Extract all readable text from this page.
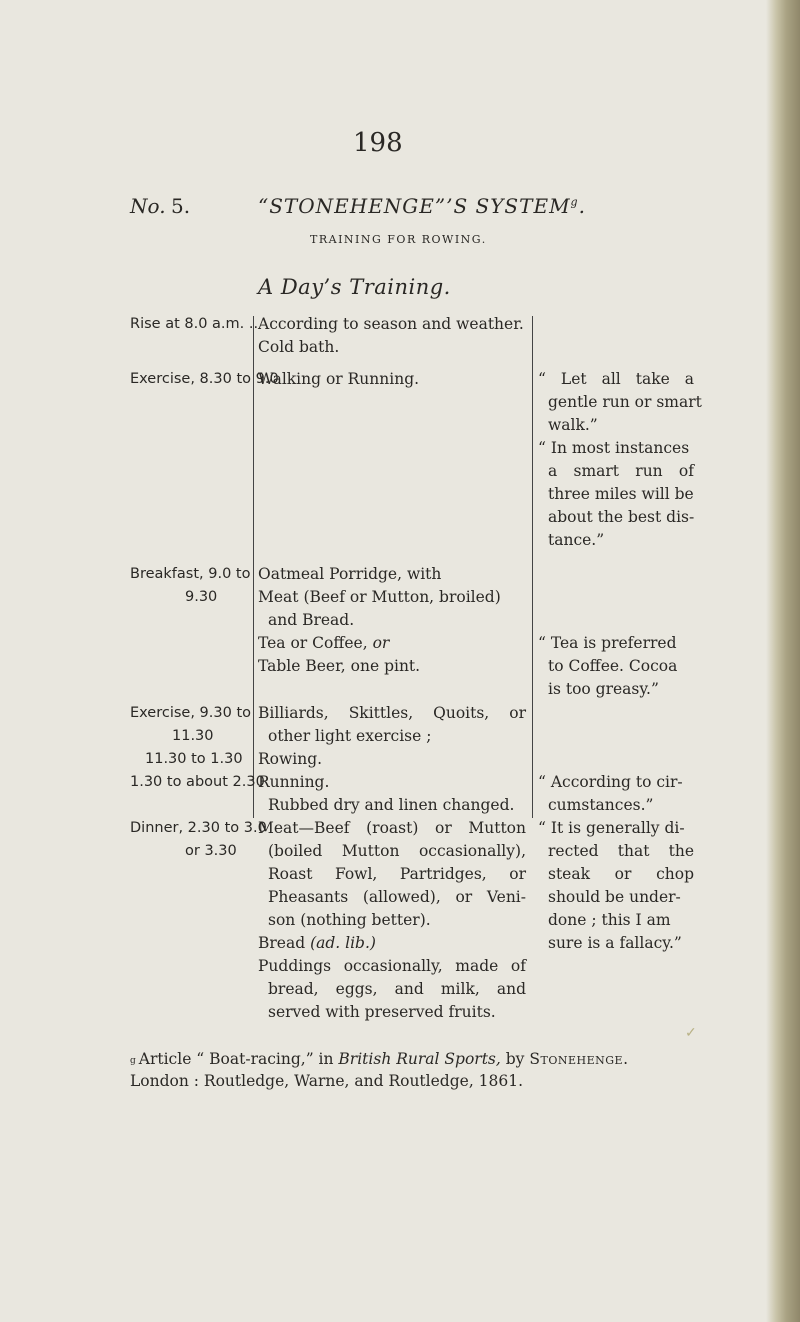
198
No. 5.	“STONEHENGE”’S SYSTEM$^g$.
TRAINING FOR ROWING.
A Day’s Training.
Rise at 8.0 a.m. ..
Exercise, 8.30 to 9.0
Breakfast, 9.0 to
9.30
Exercise, 9.30 to
11.30
11.30 to 1.30
1.30 to about 2.30
Dinner, 2.30 to 3.0
or 3.30
According to season and weather.
Cold bath.
Walking or Running.
Oatmeal Porridge, with
Meat (Beef or Mutton, broiled)
and Bread.
Tea or Coffee, or
Table Beer, one pint.
Billiards, Skittles, Quoits, or
other light exercise ;
Rowing.
Running.
Rubbed dry and linen changed.
Meat—Beef (roast) or Mutton
(boiled Mutton occasionally),
Roast Fowl, Partridges, or
Pheasants (allowed), or Veni-
son (nothing better).
Bread (ad. lib.)
Puddings occasionally, made of
bread, eggs, and milk, and
served with preserved fruits.
“ Let all take a
gentle run or smart
walk.”
“ In most instances
a smart run of
three miles will be
about the best dis-
tance.”
“ Tea is preferred
to Coffee. Cocoa
is too greasy.”
“ According to cir-
cumstances.”
“ It is generally di-
rected that the
steak or chop
should be under-
done ; this I am
sure is a fallacy.”
✓
g Article “ Boat-racing,” in British Rural Sports, by Stonehenge.
London : Routledge, Warne, and Routledge, 1861.
